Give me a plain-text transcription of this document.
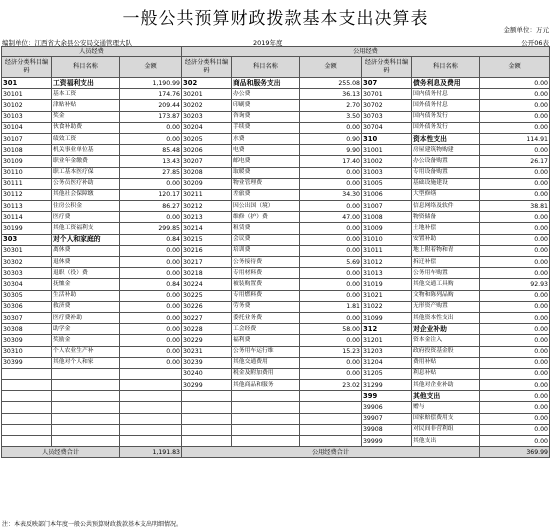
一般公共预算财政拨款基本支出决算表
金额单位：万元
编制单位：江西省大余县公安局交通管理大队	2019年度	公开06表
人员经费			公用经费					
经济分类科目编码	科目名称	金额	经济分类科目编码	科目名称	金额	经济分类科目编码	科目名称	金额
301	工资福利支出	1,190.99	302	商品和服务支出	255.08	307	债务利息及费用	0.00
30101	基本工资	174.76	30201	办公费	36.13	30701	国内债务付息	0.00
30102	津贴补贴	209.44	30202	印刷费	2.70	30702	国外债务付息	0.00
30103	奖金	173.87	30203	咨询费	3.50	30703	国内债务发行	0.00
30104	伙食补助费	0.00	30204	手续费	0.00	30704	国外债务发行	0.00
30107	绩效工资	0.00	30205	水费	0.90	310	资本性支出	114.91
30108	机关事业单位基	85.48	30206	电费	9.90	31001	房屋建筑物购建	0.00
30109	职业年金缴费	13.43	30207	邮电费	17.40	31002	办公设备购置	26.17
30110	职工基本医疗保	27.85	30208	取暖费	0.00	31003	专用设备购置	0.00
30111	公务员医疗补助	0.00	30209	物业管理费	0.00	31005	基础设施建设	0.00
30112	其他社会保障缴	120.17	30211	差旅费	34.30	31006	大型修缮	0.00
30113	住房公积金	86.27	30212	因公出国（境）	0.00	31007	信息网络及软件	38.81
30114	医疗费	0.00	30213	维修（护）费	47.00	31008	物资储备	0.00
30199	其他工资福利支	299.85	30214	租赁费	0.00	31009	土地补偿	0.00
303	对个人和家庭的	0.84	30215	会议费	0.00	31010	安置补助	0.00
30301	离休费	0.00	30216	培训费	0.00	31011	地上附着物和青	0.00
30302	退休费	0.00	30217	公务接待费	5.69	31012	拆迁补偿	0.00
30303	退职（役）费	0.00	30218	专用材料费	0.00	31013	公务用车购置	0.00
30304	抚恤金	0.84	30224	被装购置费	0.00	31019	其他交通工具购	92.93
30305	生活补助	0.00	30225	专用燃料费	0.00	31021	文物和陈列品购	0.00
30306	救济费	0.00	30226	劳务费	1.81	31022	无形资产购置	0.00
30307	医疗费补助	0.00	30227	委托业务费	0.00	31099	其他资本性支出	0.00
30308	助学金	0.00	30228	工会经费	58.00	312	对企业补助	0.00
30309	奖励金	0.00	30229	福利费	0.00	31201	资本金注入	0.00
30310	个人农业生产补	0.00	30231	公务用车运行维	15.23	31203	政府投资基金股	0.00
30399	其他对个人和家	0.00	30239	其他交通费用	0.00	31204	费用补贴	0.00
			30240	税金及附加费用	0.00	31205	利息补贴	0.00
			30299	其他商品和服务	23.02	31299	其他对企业补助	0.00
						399	其他支出	0.00
						39906	赠与	0.00
						39907	国家赔偿费用支	0.00
						39908	对民间非营利组	0.00
						39999	其他支出	0.00
人员经费合计		1,191.83	公用经费合计					369.99
注：本表反映部门本年度一般公共预算财政拨款基本支出明细情况。
